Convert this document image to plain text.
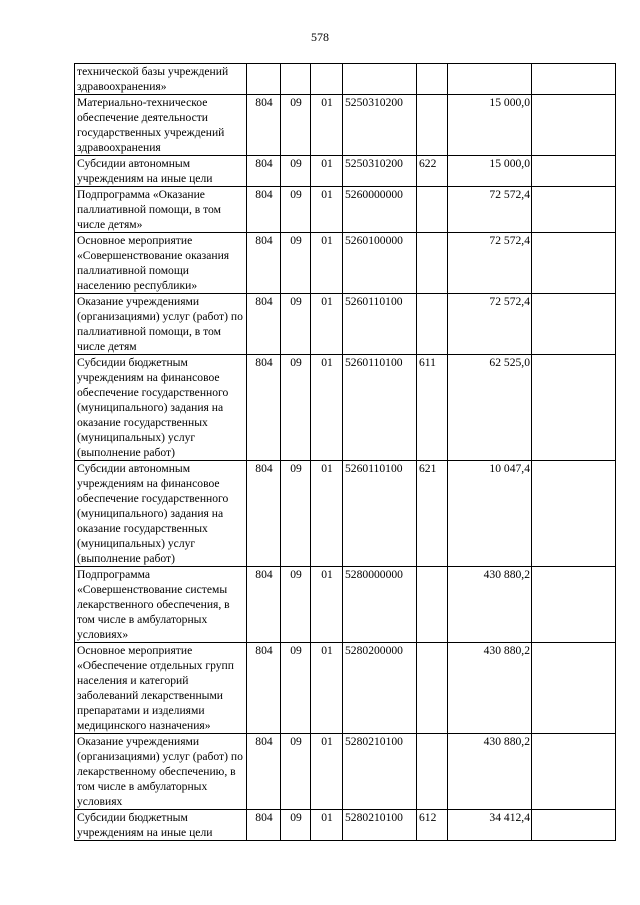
578
технической базы учреждений здравоохранения»							
Материально-техническое обеспечение деятельности государственных учреждений здравоохранения	804	09	01	5250310200		15 000,0	
Субсидии автономным учреждениям на иные цели	804	09	01	5250310200	622	15 000,0	
Подпрограмма «Оказание паллиативной помощи, в том числе детям»	804	09	01	5260000000		72 572,4	
Основное мероприятие «Совершенствование оказания паллиативной помощи населению республики»	804	09	01	5260100000		72 572,4	
Оказание учреждениями (организациями) услуг (работ) по паллиативной помощи, в том числе детям	804	09	01	5260110100		72 572,4	
Субсидии бюджетным учреждениям на финансовое обеспечение государственного (муниципального) задания на оказание государственных (муниципальных) услуг (выполнение работ)	804	09	01	5260110100	611	62 525,0	
Субсидии автономным учреждениям на финансовое обеспечение государственного (муниципального) задания на оказание государственных (муниципальных) услуг (выполнение работ)	804	09	01	5260110100	621	10 047,4	
Подпрограмма «Совершенствование системы лекарственного обеспечения, в том числе в амбулаторных условиях»	804	09	01	5280000000		430 880,2	
Основное мероприятие «Обеспечение отдельных групп населения и категорий заболеваний лекарственными препаратами и изделиями медицинского назначения»	804	09	01	5280200000		430 880,2	
Оказание учреждениями (организациями) услуг (работ) по лекарственному обеспечению, в том числе в амбулаторных условиях	804	09	01	5280210100		430 880,2	
Субсидии бюджетным учреждениям на иные цели	804	09	01	5280210100	612	34 412,4	
